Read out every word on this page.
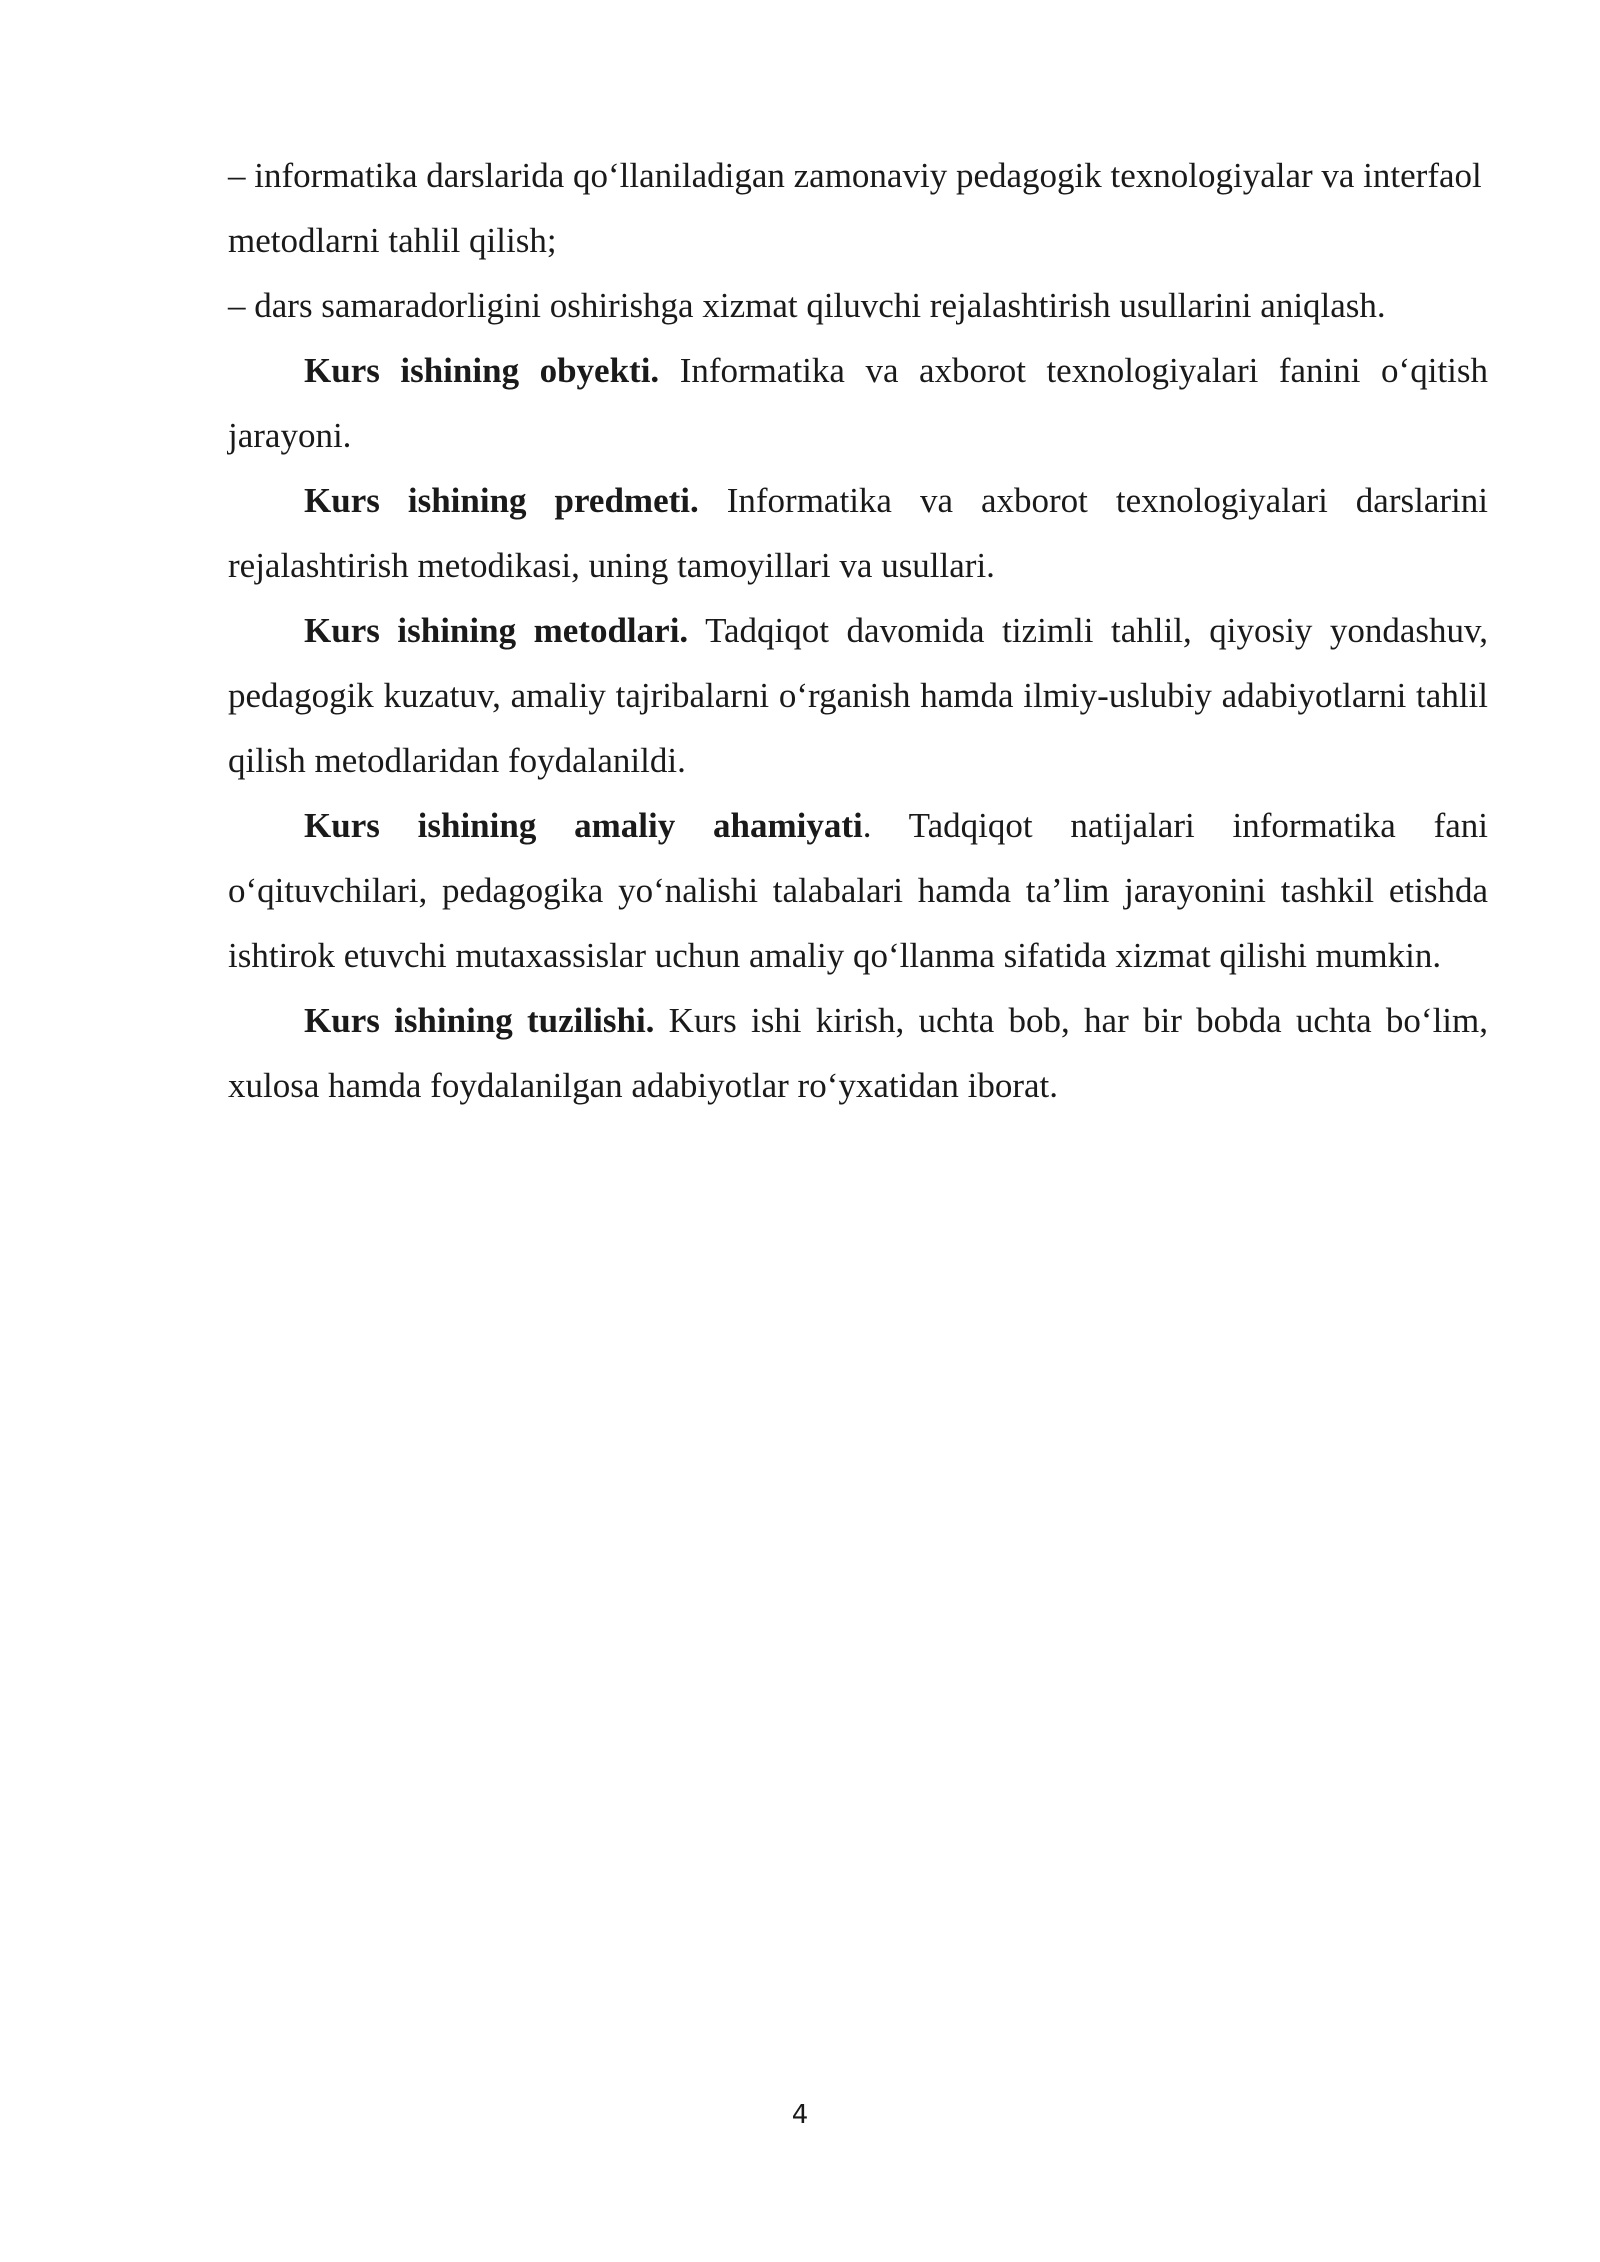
– informatika darslarida qo‘llaniladigan zamonaviy pedagogik texnologiyalar va interfaol metodlarni tahlil qilish;

– dars samaradorligini oshirishga xizmat qiluvchi rejalashtirish usullarini aniqlash.

Kurs ishining obyekti. Informatika va axborot texnologiyalari fanini o‘qitish jarayoni.

Kurs ishining predmeti. Informatika va axborot texnologiyalari darslarini rejalashtirish metodikasi, uning tamoyillari va usullari.

Kurs ishining metodlari. Tadqiqot davomida tizimli tahlil, qiyosiy yondashuv, pedagogik kuzatuv, amaliy tajribalarni o‘rganish hamda ilmiy-uslubiy adabiyotlarni tahlil qilish metodlaridan foydalanildi.

Kurs ishining amaliy ahamiyati. Tadqiqot natijalari informatika fani o‘qituvchilari, pedagogika yo‘nalishi talabalari hamda ta’lim jarayonini tashkil etishda ishtirok etuvchi mutaxassislar uchun amaliy qo‘llanma sifatida xizmat qilishi mumkin.

Kurs ishining tuzilishi. Kurs ishi kirish, uchta bob, har bir bobda uchta bo‘lim, xulosa hamda foydalanilgan adabiyotlar ro‘yxatidan iborat.

4
